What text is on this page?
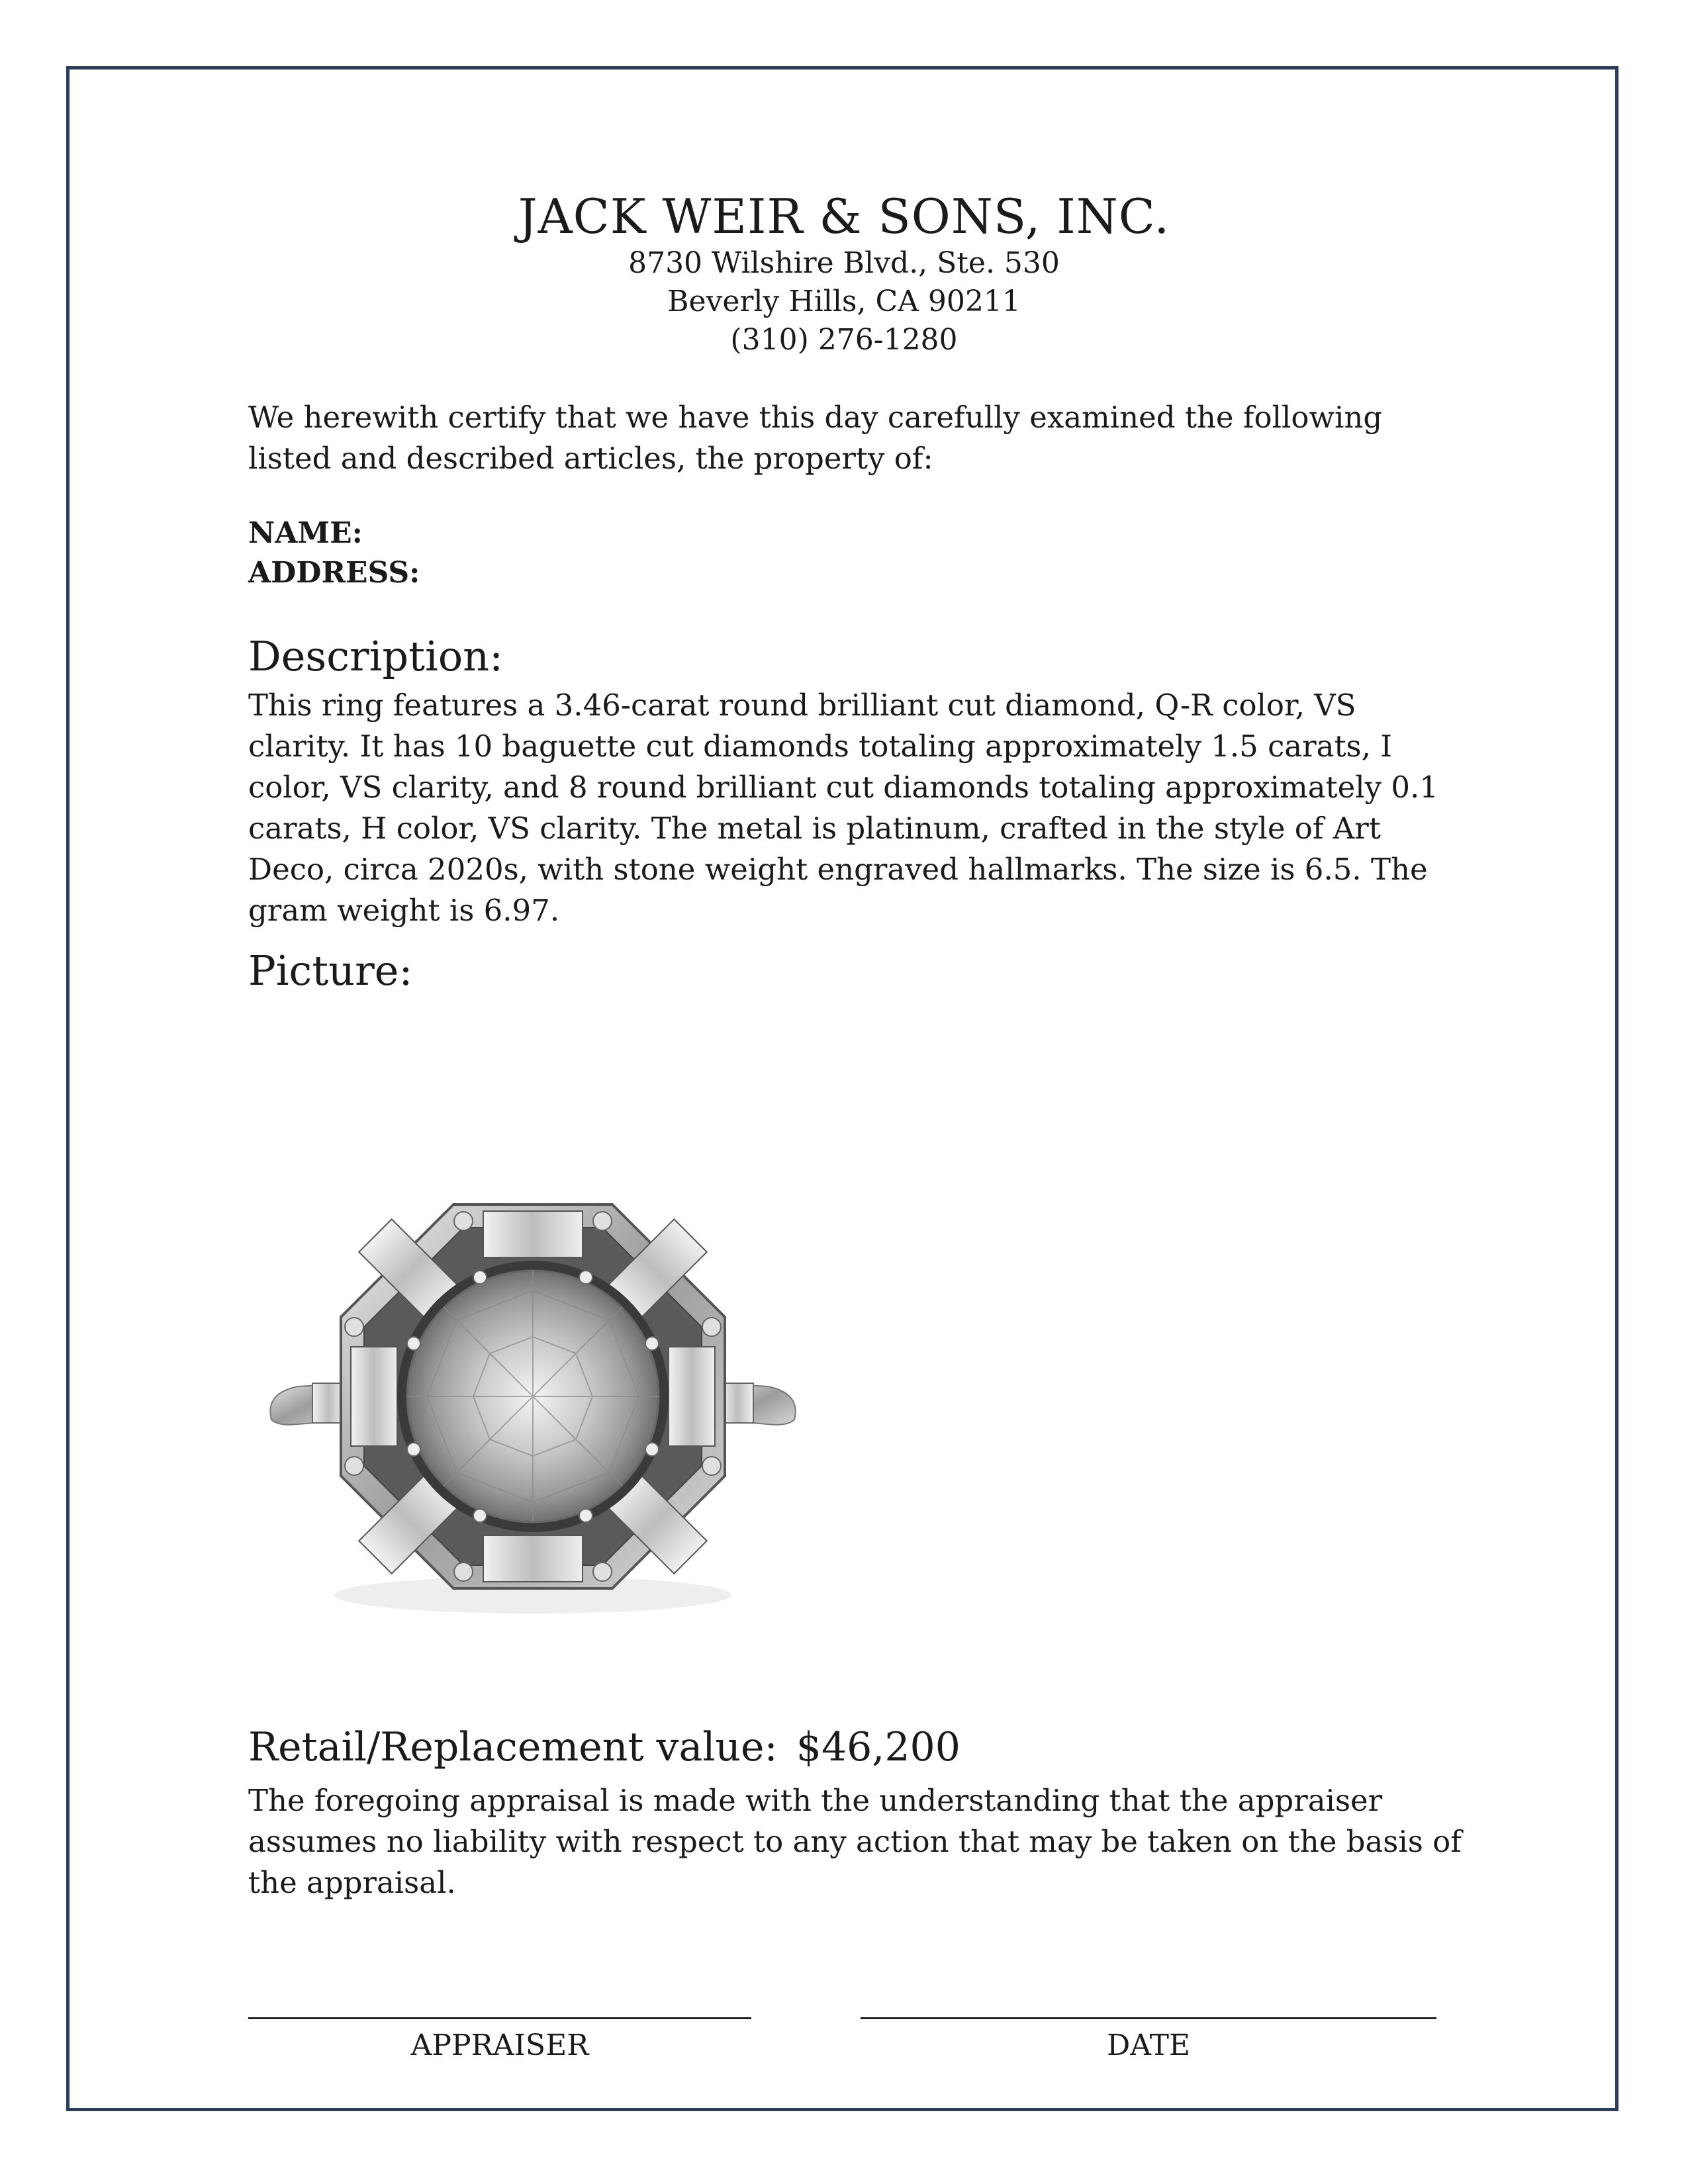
JACK WEIR & SONS, INC.
8730 Wilshire Blvd., Ste. 530
Beverly Hills, CA 90211
(310) 276-1280
We herewith certify that we have this day carefully examined the following listed and described articles, the property of:
NAME:
ADDRESS:
Description:
This ring features a 3.46-carat round brilliant cut diamond, Q-R color, VS clarity. It has 10 baguette cut diamonds totaling approximately 1.5 carats, I color, VS clarity, and 8 round brilliant cut diamonds totaling approximately 0.1 carats, H color, VS clarity. The metal is platinum, crafted in the style of Art Deco, circa 2020s, with stone weight engraved hallmarks. The size is 6.5. The gram weight is 6.97.
Picture:
Retail/Replacement value: $46,200
The foregoing appraisal is made with the understanding that the appraiser assumes no liability with respect to any action that may be taken on the basis of the appraisal.
APPRAISER	DATE
